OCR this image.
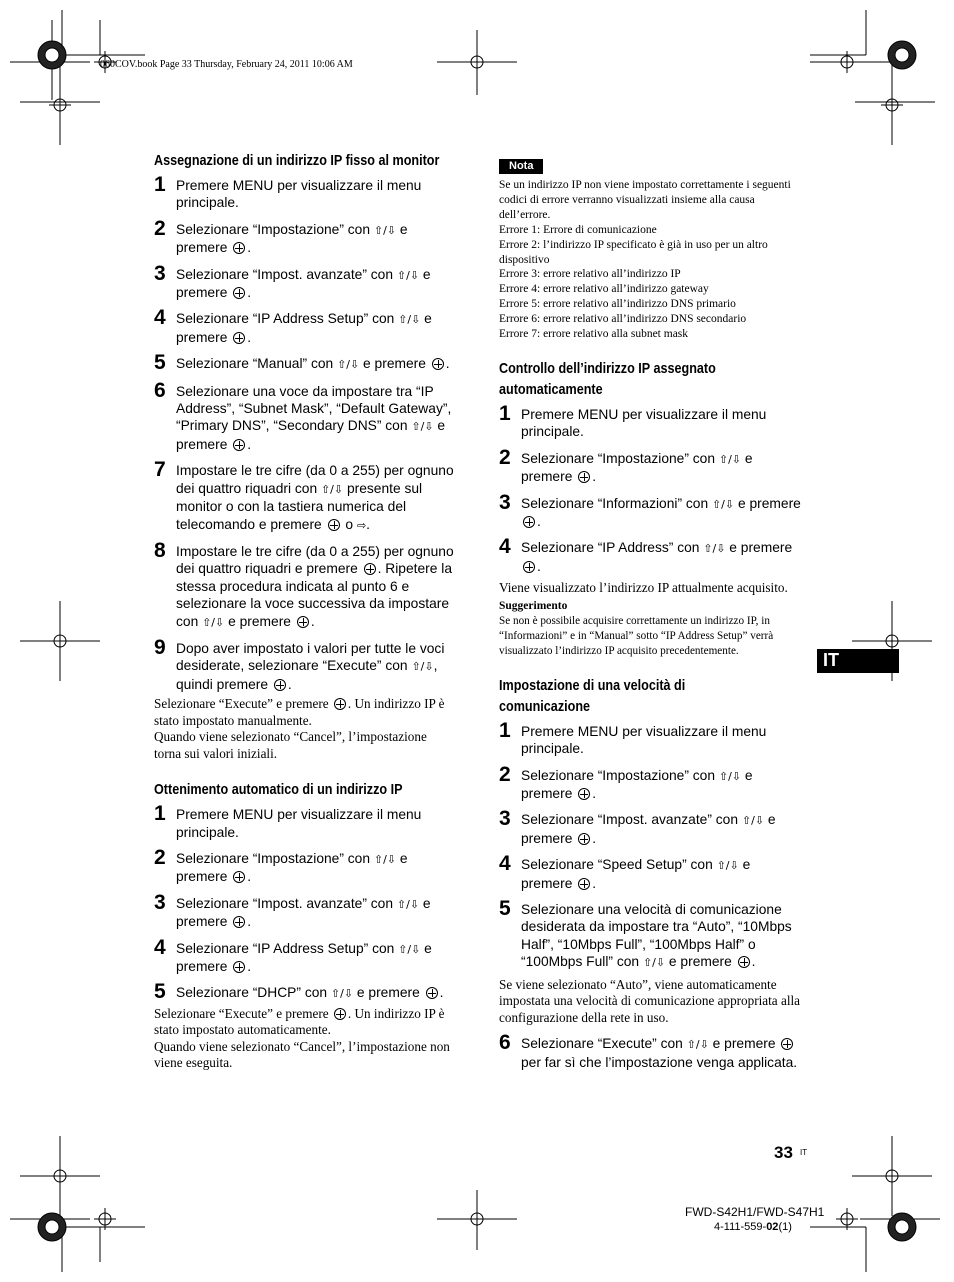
060COV.book Page 33 Thursday, February 24, 2011 10:06 AM
Assegnazione di un indirizzo IP fisso al monitor
1 Premere MENU per visualizzare il menu principale.
2 Selezionare “Impostazione” con ⇧/⇩ e premere .
3 Selezionare “Impost. avanzate” con ⇧/⇩ e premere .
4 Selezionare “IP Address Setup” con ⇧/⇩ e premere .
5 Selezionare “Manual” con ⇧/⇩ e premere .
6 Selezionare una voce da impostare tra “IP Address”, “Subnet Mask”, “Default Gateway”, “Primary DNS”, “Secondary DNS” con ⇧/⇩ e premere .
7 Impostare le tre cifre (da 0 a 255) per ognuno dei quattro riquadri con ⇧/⇩ presente sul monitor o con la tastiera numerica del telecomando e premere o ⇨.
8 Impostare le tre cifre (da 0 a 255) per ognuno dei quattro riquadri e premere . Ripetere la stessa procedura indicata al punto 6 e selezionare la voce successiva da impostare con ⇧/⇩ e premere .
9 Dopo aver impostato i valori per tutte le voci desiderate, selezionare “Execute” con ⇧/⇩, quindi premere .
Selezionare “Execute” e premere . Un indirizzo IP è stato impostato manualmente.
Quando viene selezionato “Cancel”, l’impostazione torna sui valori iniziali.
Ottenimento automatico di un indirizzo IP
1 Premere MENU per visualizzare il menu principale.
2 Selezionare “Impostazione” con ⇧/⇩ e premere .
3 Selezionare “Impost. avanzate” con ⇧/⇩ e premere .
4 Selezionare “IP Address Setup” con ⇧/⇩ e premere .
5 Selezionare “DHCP” con ⇧/⇩ e premere .
Selezionare “Execute” e premere . Un indirizzo IP è stato impostato automaticamente.
Quando viene selezionato “Cancel”, l’impostazione non viene eseguita.
Nota
Se un indirizzo IP non viene impostato correttamente i seguenti codici di errore verranno visualizzati insieme alla causa dell’errore.
Errore 1: Errore di comunicazione
Errore 2: l’indirizzo IP specificato è già in uso per un altro dispositivo
Errore 3: errore relativo all’indirizzo IP
Errore 4: errore relativo all’indirizzo gateway
Errore 5: errore relativo all’indirizzo DNS primario
Errore 6: errore relativo all’indirizzo DNS secondario
Errore 7: errore relativo alla subnet mask
Controllo dell’indirizzo IP assegnato automaticamente
1 Premere MENU per visualizzare il menu principale.
2 Selezionare “Impostazione” con ⇧/⇩ e premere .
3 Selezionare “Informazioni” con ⇧/⇩ e premere .
4 Selezionare “IP Address” con ⇧/⇩ e premere .
Viene visualizzato l’indirizzo IP attualmente acquisito.
Suggerimento
Se non è possibile acquisire correttamente un indirizzo IP, in “Informazioni” e in “Manual” sotto “IP Address Setup” verrà visualizzato l’indirizzo IP acquisito precedentemente.
Impostazione di una velocità di comunicazione
1 Premere MENU per visualizzare il menu principale.
2 Selezionare “Impostazione” con ⇧/⇩ e premere .
3 Selezionare “Impost. avanzate” con ⇧/⇩ e premere .
4 Selezionare “Speed Setup” con ⇧/⇩ e premere .
5 Selezionare una velocità di comunicazione desiderata da impostare tra “Auto”, “10Mbps Half”, “10Mbps Full”, “100Mbps Half” o “100Mbps Full” con ⇧/⇩ e premere .
Se viene selezionato “Auto”, viene automaticamente impostata una velocità di comunicazione appropriata alla configurazione della rete in uso.
6 Selezionare “Execute” con ⇧/⇩ e premere  per far sì che l’impostazione venga applicata.
IT
33 IT
FWD-S42H1/FWD-S47H1
4-111-559-02(1)
